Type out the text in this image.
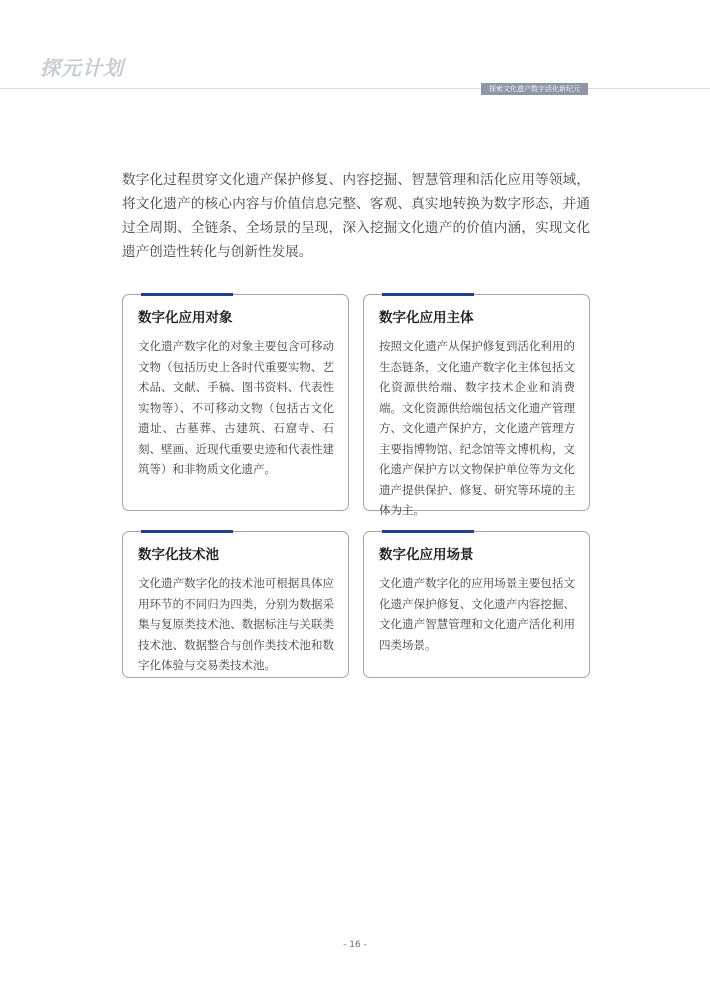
探元计划
探索文化遗产数字活化新纪元

数字化过程贯穿文化遗产保护修复、内容挖掘、智慧管理和活化应用等领域，将文化遗产的核心内容与价值信息完整、客观、真实地转换为数字形态，并通过全周期、全链条、全场景的呈现，深入挖掘文化遗产的价值内涵，实现文化遗产创造性转化与创新性发展。

数字化应用对象

文化遗产数字化的对象主要包含可移动文物（包括历史上各时代重要实物、艺术品、文献、手稿、图书资料、代表性实物等）、不可移动文物（包括古文化遗址、古墓葬、古建筑、石窟寺、石刻、壁画、近现代重要史迹和代表性建筑等）和非物质文化遗产。

数字化应用主体

按照文化遗产从保护修复到活化利用的生态链条，文化遗产数字化主体包括文化资源供给端、数字技术企业和消费端。文化资源供给端包括文化遗产管理方、文化遗产保护方，文化遗产管理方主要指博物馆、纪念馆等文博机构，文化遗产保护方以文物保护单位等为文化遗产提供保护、修复、研究等环境的主体为主。

数字化技术池

文化遗产数字化的技术池可根据具体应用环节的不同归为四类，分别为数据采集与复原类技术池、数据标注与关联类技术池、数据整合与创作类技术池和数字化体验与交易类技术池。

数字化应用场景

文化遗产数字化的应用场景主要包括文化遗产保护修复、文化遗产内容挖掘、文化遗产智慧管理和文化遗产活化利用四类场景。

- 16 -
